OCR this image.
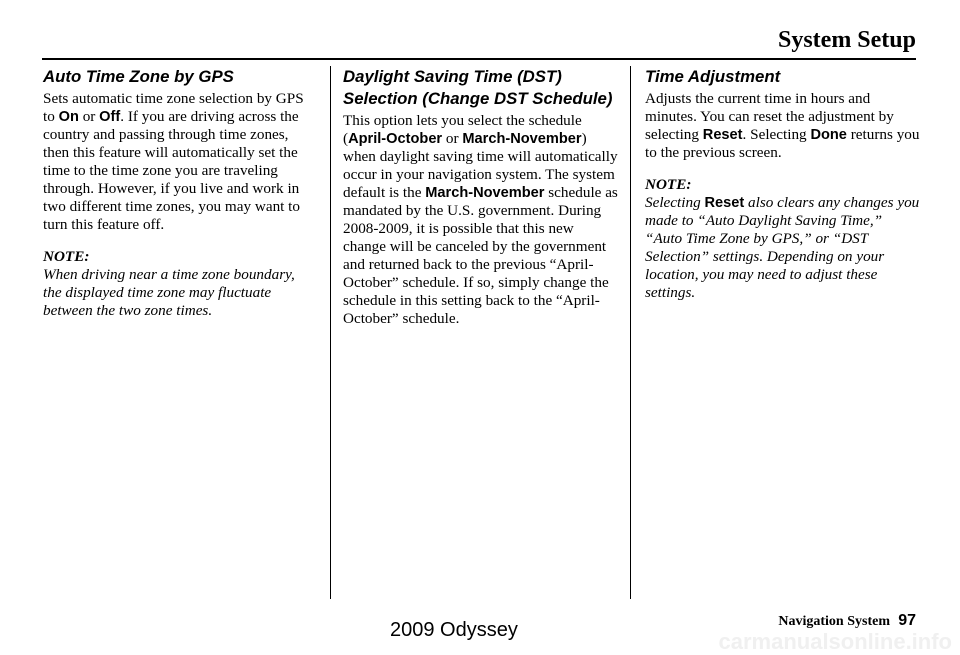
System Setup
Auto Time Zone by GPS

Sets automatic time zone selection by GPS to On or Off. If you are driving across the country and passing through time zones, then this feature will automatically set the time to the time zone you are traveling through. However, if you live and work in two different time zones, you may want to turn this feature off.

NOTE:

When driving near a time zone boundary, the displayed time zone may fluctuate between the two zone times.

Daylight Saving Time (DST) Selection (Change DST Schedule)

This option lets you select the schedule (April-October or March-November) when daylight saving time will automatically occur in your navigation system. The system default is the March-November schedule as mandated by the U.S. government. During 2008-2009, it is possible that this new change will be canceled by the government and returned back to the previous “April-October” schedule. If so, simply change the schedule in this setting back to the “April-October” schedule.

Time Adjustment

Adjusts the current time in hours and minutes. You can reset the adjustment by selecting Reset. Selecting Done returns you to the previous screen.

NOTE:

Selecting Reset also clears any changes you made to “Auto Daylight Saving Time,” “Auto Time Zone by GPS,” or “DST Selection” settings. Depending on your location, you may need to adjust these settings.

Navigation System 97
2009 Odyssey	carmanualsonline.info
